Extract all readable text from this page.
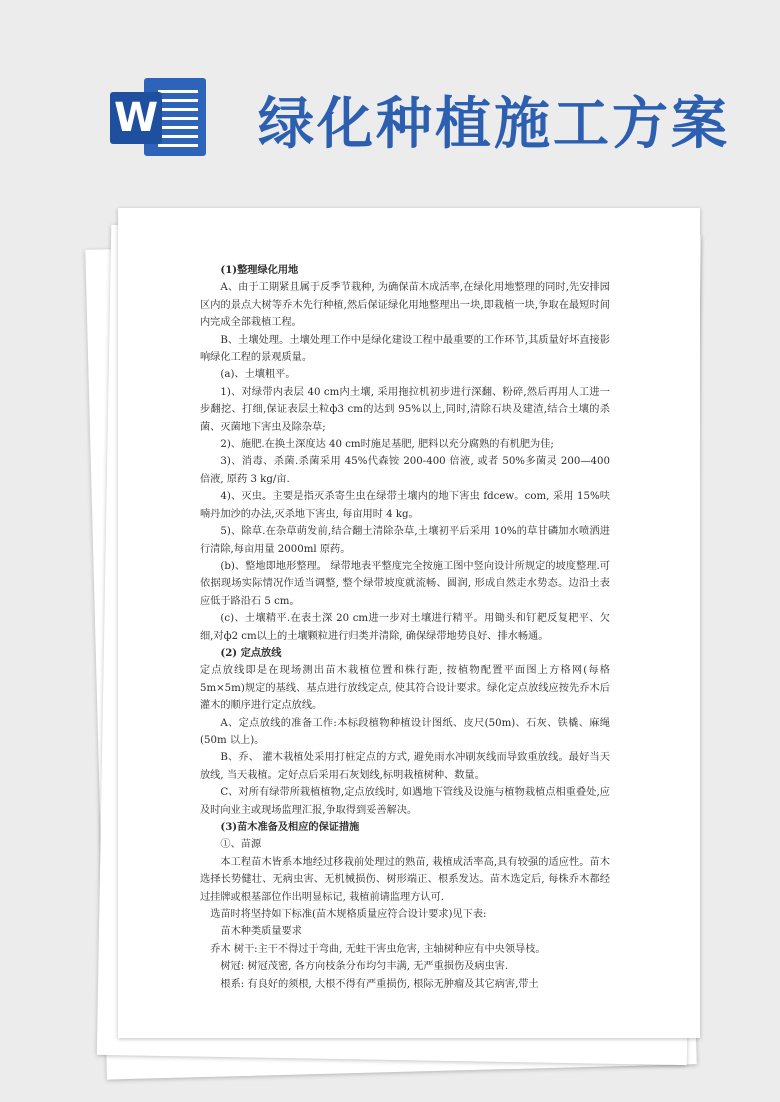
W 绿化种植施工方案

(1)整理绿化用地

A、由于工期紧且属于反季节栽种, 为确保苗木成活率,在绿化用地整理的同时,先安排园区内的景点大树等乔木先行种植,然后保证绿化用地整理出一块,即栽植一块,争取在最短时间内完成全部栽植工程。

B、土壤处理。土壤处理工作中是绿化建设工程中最重要的工作环节,其质量好坏直接影响绿化工程的景观质量。

(a)、土壤粗平。

1)、对绿带内表层 40 cm内土壤, 采用拖拉机初步进行深翻、粉碎,然后再用人工进一步翻挖、打细,保证表层土粒ф3 cm的达到 95%以上,同时,清除石块及建渣,结合土壤的杀菌、灭菌地下害虫及除杂草;

2)、施肥.在换土深度达 40 cm时施足基肥, 肥料以充分腐熟的有机肥为佳;

3)、消毒、杀菌.杀菌采用 45%代森铵 200-400 倍液, 或者 50%多菌灵 200—400 倍液, 原药 3 kg/亩.

4)、灭虫。主要是指灭杀寄生虫在绿带土壤内的地下害虫 fdcew。com, 采用 15%呋喃丹加沙的办法,灭杀地下害虫, 每亩用时 4 kg。

5)、除草.在杂草萌发前,结合翻土清除杂草,土壤初平后采用 10%的草甘磷加水喷洒进行清除,每亩用量 2000ml 原药。

(b)、整地即地形整理。 绿带地表平整度完全按施工图中竖向设计所规定的坡度整理.可依据现场实际情况作适当调整, 整个绿带坡度就流畅、圆润, 形成自然走水势态。边沿土表应低于路沿石 5 cm。

(c)、土壤精平.在表土深 20 cm进一步对土壤进行精平。用锄头和钉耙反复耙平、欠细,对ф2 cm以上的土壤颗粒进行归类并清除, 确保绿带地势良好、排水畅通。

(2) 定点放线

定点放线即是在现场测出苗木栽植位置和株行距, 按植物配置平面图上方格网(每格 5m×5m)规定的基线、基点进行放线定点, 使其符合设计要求。绿化定点放线应按先乔木后灌木的顺序进行定点放线。

A、定点放线的准备工作:本标段植物种植设计图纸、皮尺(50m)、石灰、铁橇、麻绳(50m 以上)。

B、乔、 灌木栽植处采用打桩定点的方式, 避免雨水冲刷灰线而导致重放线。最好当天放线, 当天栽植。定好点后采用石灰划线,标明栽植树种、数量。

C、对所有绿带所栽植植物,定点放线时, 如遇地下管线及设施与植物栽植点相重叠处,应及时向业主或现场监理汇报,争取得到妥善解决。

(3)苗木准备及相应的保证措施

①、苗源

本工程苗木皆系本地经过移栽前处理过的熟苗, 栽植成活率高,具有较强的适应性。苗木选择长势健壮、无病虫害、无机械损伤、树形端正、根系发达。苗木选定后, 每株乔木都经过挂牌或根基部位作出明显标记, 栽植前请监理方认可.

选苗时将坚持如下标准(苗木规格质量应符合设计要求)见下表:

苗木种类质量要求

乔木 树干:主干不得过于弯曲, 无蛀干害虫危害, 主轴树种应有中央领导枝。

树冠: 树冠茂密, 各方向枝条分布均匀丰满, 无严重损伤及病虫害.

根系: 有良好的须根, 大根不得有严重损伤, 根际无肿瘤及其它病害,带土
